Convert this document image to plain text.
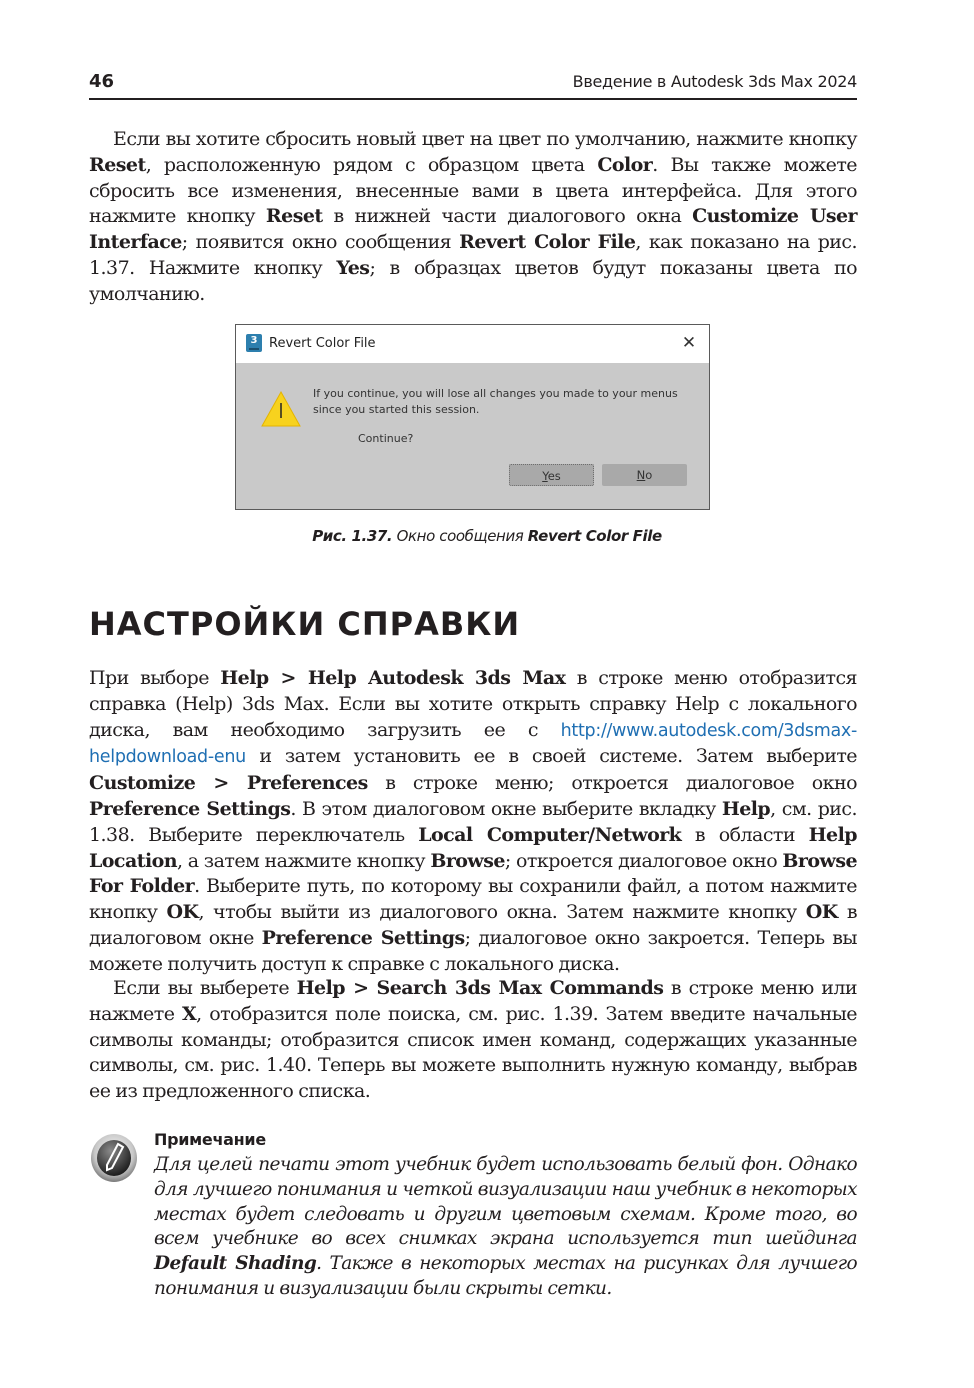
46	Введение в Autodesk 3ds Max 2024

Если вы хотите сбросить новый цвет на цвет по умолчанию, нажмите кнопку Reset, расположенную рядом с образцом цвета Color. Вы также можете сбросить все изменения, внесенные вами в цвета интерфейса. Для этого нажмите кнопку Reset в нижней части диалогового окна Customize User Interface; появится окно сообщения Revert Color File, как показано на рис. 1.37. Нажмите кнопку Yes; в образцах цветов будут показаны цвета по умолчанию.

3 Revert Color File	✕
If you continue, you will lose all changes you made to your menus
since you started this session.
Continue?
Yes	No
Рис. 1.37. Окно сообщения Revert Color File
НАСТРОЙКИ СПРАВКИ

При выборе Help > Help Autodesk 3ds Max в строке меню отобразится справка (Help) 3ds Max. Если вы хотите открыть справку Help с локального диска, вам необходимо загрузить ее с http://www.autodesk.com/3dsmax-helpdownload-enu и затем установить ее в своей системе. Затем выберите Customize > Preferences в строке меню; откроется диалоговое окно Preference Settings. В этом диалоговом окне выберите вкладку Help, см. рис. 1.38. Выберите переключатель Local Computer/Network в области Help Location, а затем нажмите кнопку Browse; откроется диалоговое окно Browse For Folder. Выберите путь, по которому вы сохранили файл, а потом нажмите кнопку OK, чтобы выйти из диалогового окна. Затем нажмите кнопку OK в диалоговом окне Preference Settings; диалоговое окно закроется. Теперь вы можете получить доступ к справке с локального диска.

Если вы выберете Help > Search 3ds Max Commands в строке меню или нажмете X, отобразится поле поиска, см. рис. 1.39. Затем введите начальные символы команды; отобразится список имен команд, содержащих указанные символы, см. рис. 1.40. Теперь вы можете выполнить нужную команду, выбрав ее из предложенного списка.

Примечание

Для целей печати этот учебник будет использовать белый фон. Однако для лучшего понимания и четкой визуализации наш учебник в некоторых местах будет следовать и другим цветовым схемам. Кроме того, во всем учебнике во всех снимках экрана используется тип шейдинга Default Shading. Также в некоторых местах на рисунках для лучшего понимания и визуализации были скрыты сетки.
